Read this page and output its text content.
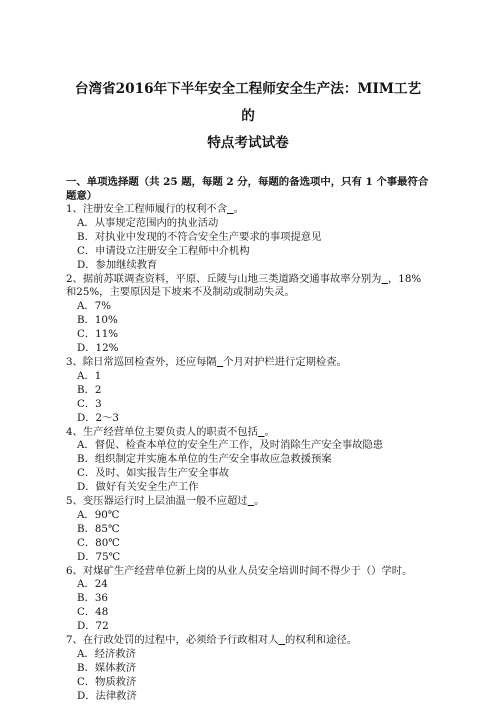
台湾省2016年下半年安全工程师安全生产法：MIM工艺的
特点考试试卷
一、单项选择题（共 25 题，每题 2 分，每题的备选项中，只有 1 个事最符合题意）
1、注册安全工程师履行的权利不含 。
A．从事规定范围内的执业活动
B．对执业中发现的不符合安全生产要求的事项提意见
C．申请设立注册安全工程师中介机构
D．参加继续教育
2、据前苏联调查资料，平原、丘陵与山地三类道路交通事故率分别为 ，18%和25%，主要原因是下坡来不及制动或制动失灵。
A．7%
B．10%
C．11%
D．12%
3、除日常巡回检查外，还应每隔 个月对护栏进行定期检查。
A．1
B．2
C．3
D．2～3
4、生产经营单位主要负责人的职责不包括 。
A．督促、检查本单位的安全生产工作，及时消除生产安全事故隐患
B．组织制定并实施本单位的生产安全事故应急救援预案
C．及时、如实报告生产安全事故
D．做好有关安全生产工作
5、变压器运行时上层油温一般不应超过 。
A．90℃
B．85℃
C．80℃
D．75℃
6、对煤矿生产经营单位新上岗的从业人员安全培训时间不得少于（）学时。
A．24
B．36
C．48
D．72
7、在行政处罚的过程中，必须给予行政相对人 的权利和途径。
A．经济救济
B．媒体救济
C．物质救济
D．法律救济
